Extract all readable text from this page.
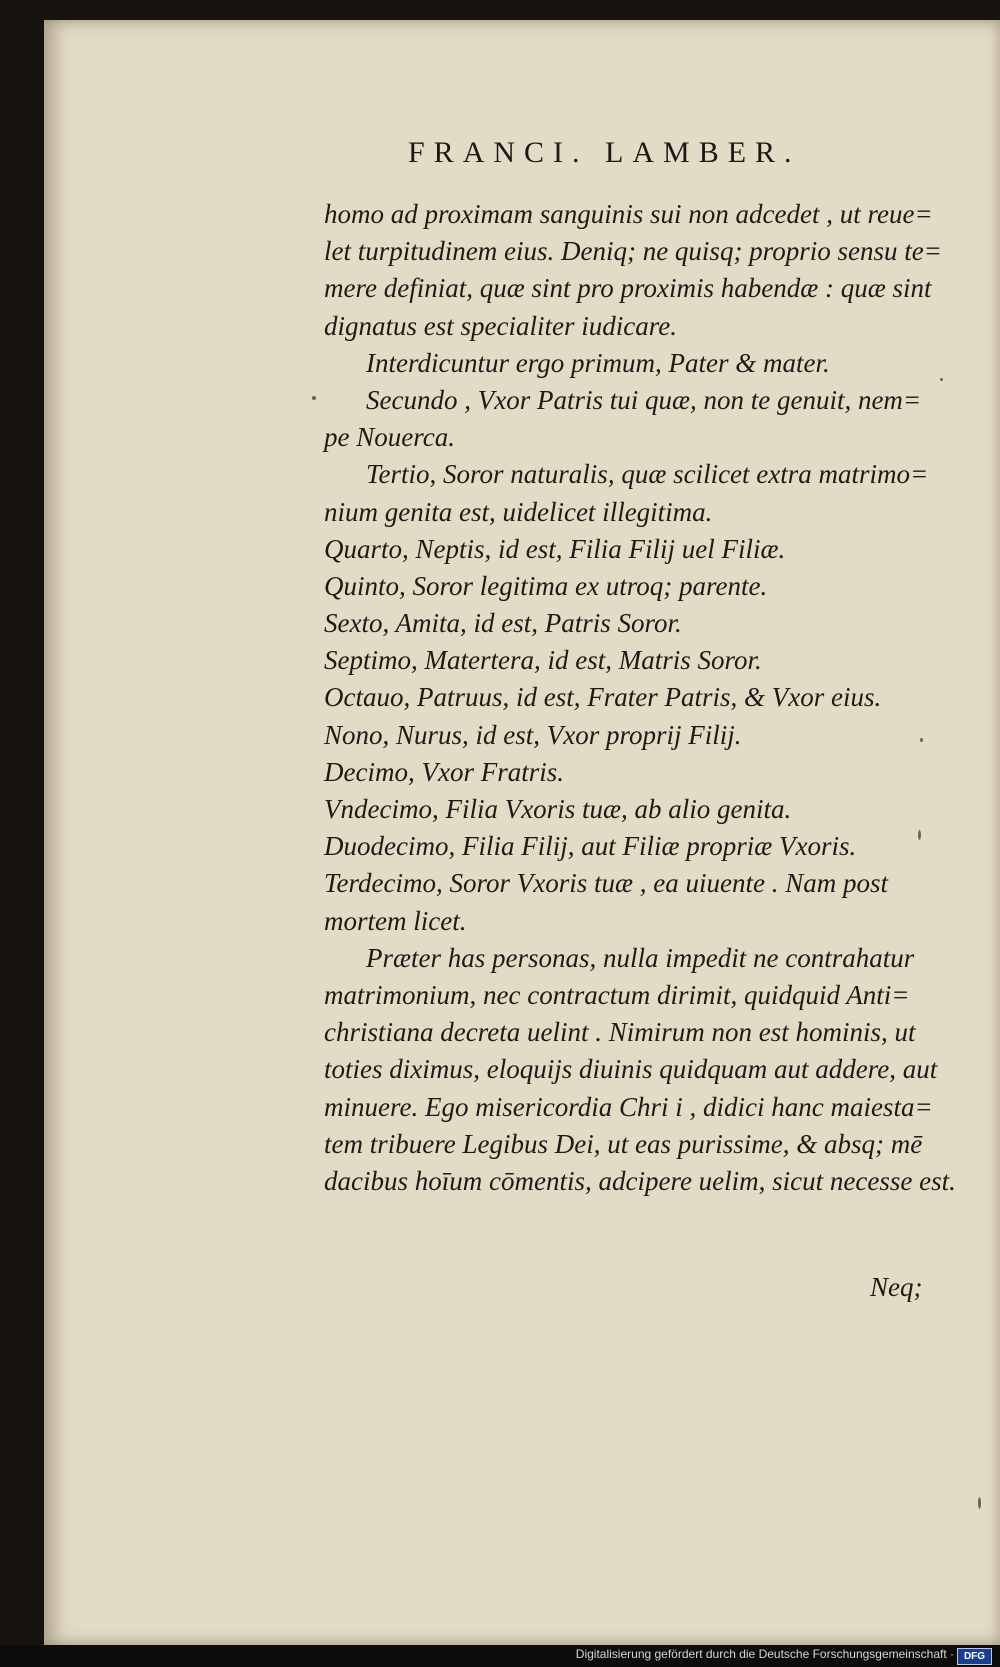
FRANCI. LAMBER.
homo ad proximam sanguinis sui non adcedet , ut reue=
let turpitudinem eius. Deniq; ne quisq; proprio sensu te=
mere definiat, quæ sint pro proximis habendæ : quæ sint
dignatus est specialiter iudicare.
Interdicuntur ergo primum, Pater & mater.
Secundo , Vxor Patris tui quæ, non te genuit, nem=
pe Nouerca.
Tertio, Soror naturalis, quæ scilicet extra matrimo=
nium genita est, uidelicet illegitima.
Quarto, Neptis, id est, Filia Filij uel Filiæ.
Quinto, Soror legitima ex utroq; parente.
Sexto, Amita, id est, Patris Soror.
Septimo, Matertera, id est, Matris Soror.
Octauo, Patruus, id est, Frater Patris, & Vxor eius.
Nono, Nurus, id est, Vxor proprij Filij.
Decimo, Vxor Fratris.
Vndecimo, Filia Vxoris tuæ, ab alio genita.
Duodecimo, Filia Filij, aut Filiæ propriæ Vxoris.
Terdecimo, Soror Vxoris tuæ , ea uiuente . Nam post
mortem licet.
Præter has personas, nulla impedit ne contrahatur
matrimonium, nec contractum dirimit, quidquid Anti=
christiana decreta uelint . Nimirum non est hominis, ut
toties diximus, eloquijs diuinis quidquam aut addere, aut
minuere. Ego misericordia Chri i , didici hanc maiesta=
tem tribuere Legibus Dei, ut eas purissime, & absq; mē
dacibus hoīum cōmentis, adcipere uelim, sicut necesse est.
Neq;
Digitalisierung gefördert durch die Deutsche Forschungsgemeinschaft · DFG
